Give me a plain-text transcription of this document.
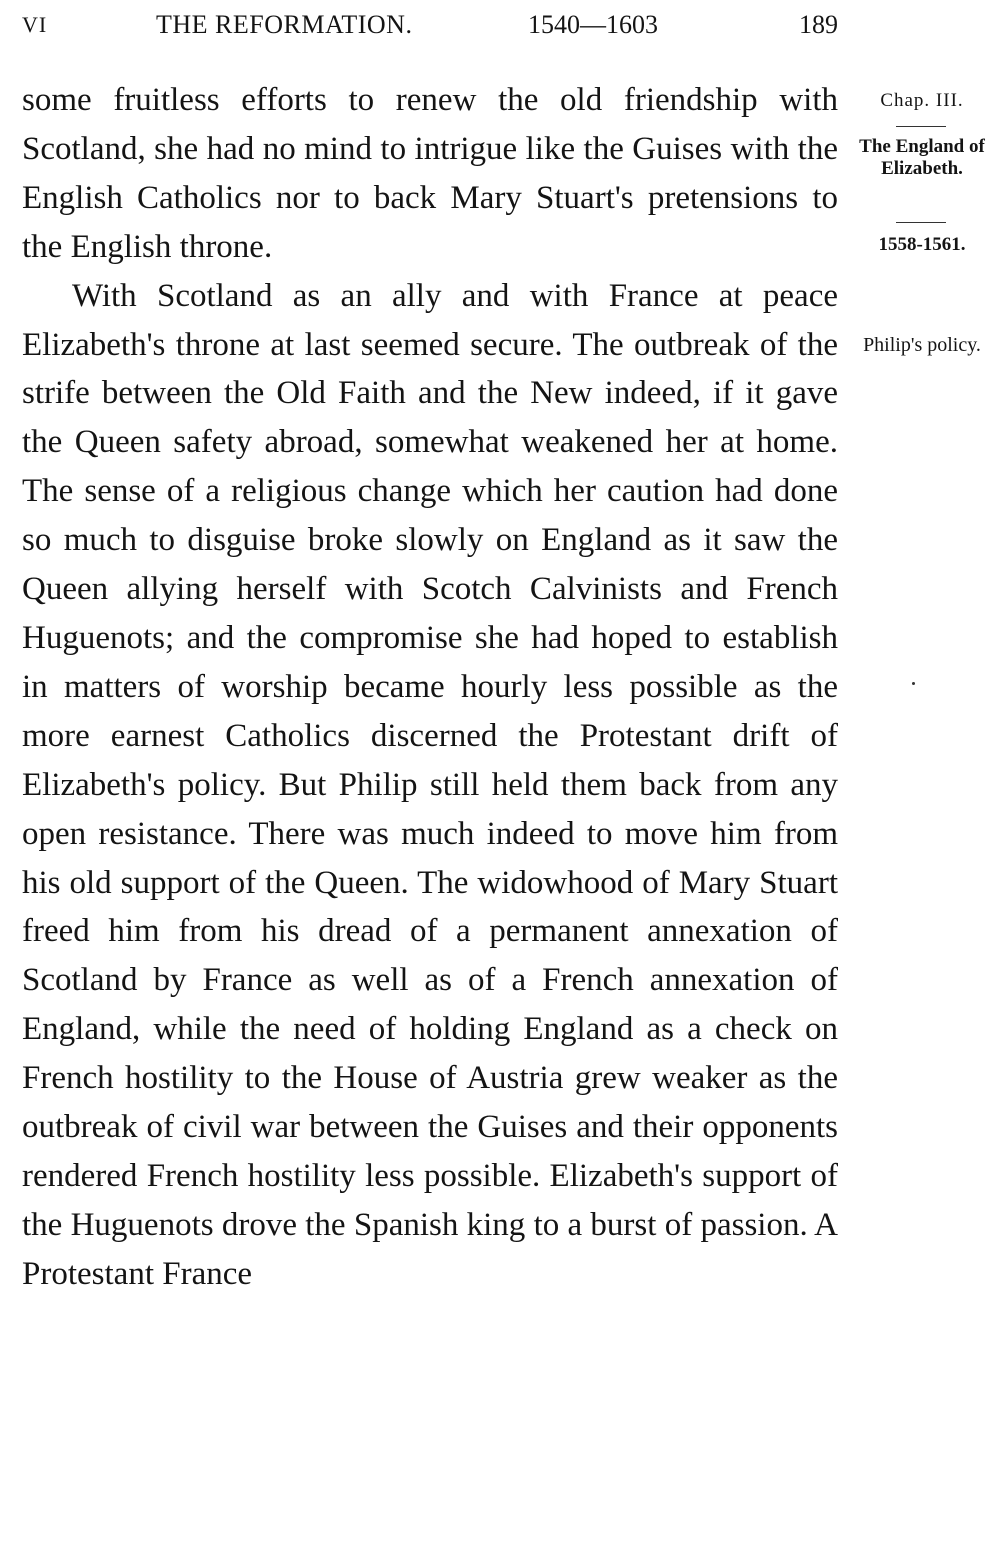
VI	THE REFORMATION.	1540—1603	189

some fruitless efforts to renew the old friendship with Scotland, she had no mind to intrigue like the Guises with the English Catholics nor to back Mary Stuart's pretensions to the English throne.

With Scotland as an ally and with France at peace Elizabeth's throne at last seemed secure. The outbreak of the strife between the Old Faith and the New indeed, if it gave the Queen safety abroad, somewhat weakened her at home. The sense of a religious change which her caution had done so much to disguise broke slowly on England as it saw the Queen allying herself with Scotch Calvinists and French Huguenots; and the compromise she had hoped to establish in matters of worship became hourly less possible as the more earnest Catholics discerned the Protestant drift of Elizabeth's policy. But Philip still held them back from any open resistance. There was much indeed to move him from his old support of the Queen. The widowhood of Mary Stuart freed him from his dread of a permanent annexation of Scotland by France as well as of a French annexation of England, while the need of holding England as a check on French hostility to the House of Austria grew weaker as the outbreak of civil war between the Guises and their opponents rendered French hostility less possible. Elizabeth's support of the Huguenots drove the Spanish king to a burst of passion. A Protestant France

Chap. III.
The England of Elizabeth.
1558-1561.
Philip's policy.
